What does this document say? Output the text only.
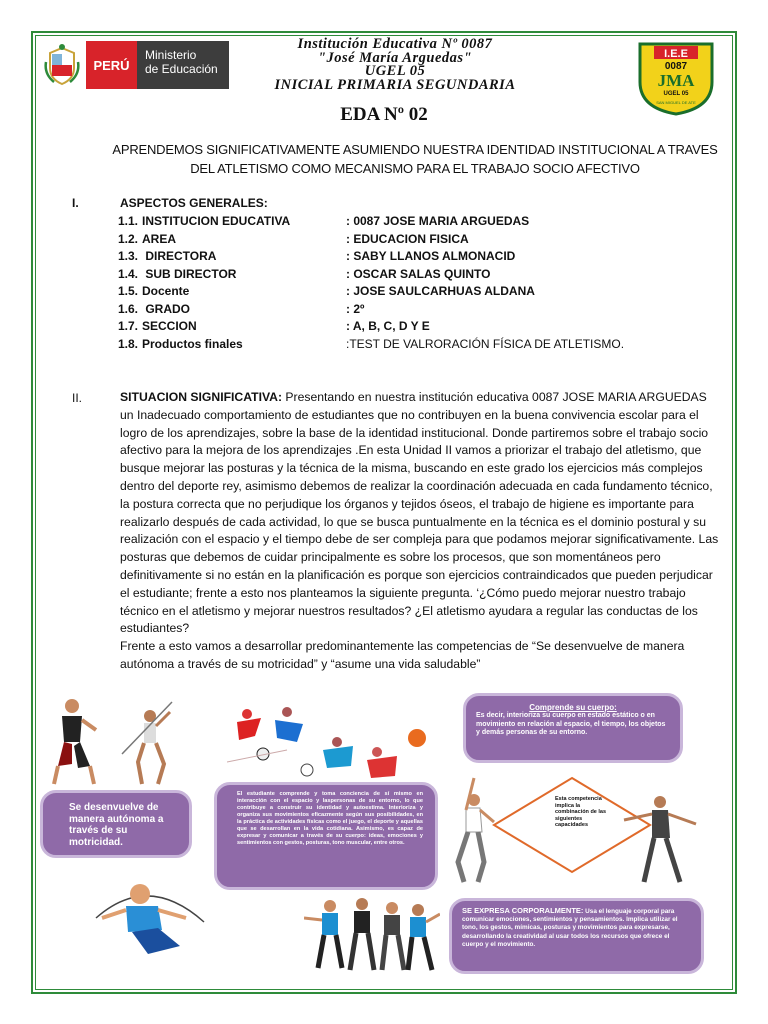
PERÚ
Ministerio
de Educación
Institución Educativa Nº 0087
"José María Arguedas"
UGEL 05
INICIAL PRIMARIA SEGUNDARIA
I.E.E
0087
JMA
UGEL 05
SAN MIGUEL DE ATE
EDA Nº 02
APRENDEMOS SIGNIFICATIVAMENTE ASUMIENDO NUESTRA IDENTIDAD INSTITUCIONAL A TRAVES DEL ATLETISMO COMO MECANISMO PARA EL TRABAJO SOCIO AFECTIVO
I.	ASPECTOS GENERALES:
1.1. INSTITUCION EDUCATIVA	: 0087 JOSE MARIA ARGUEDAS
1.2. AREA	: EDUCACION FISICA
1.3. DIRECTORA	: SABY LLANOS ALMONACID
1.4. SUB DIRECTOR	: OSCAR SALAS QUINTO
1.5. Docente	: JOSE SAULCARHUAS ALDANA
1.6. GRADO	: 2º
1.7. SECCION	: A, B, C, D Y E
1.8. Productos finales	:TEST DE VALRORACIÓN FÍSICA DE ATLETISMO.
II.	SITUACION SIGNIFICATIVA: Presentando en nuestra institución educativa 0087 JOSE MARIA ARGUEDAS un Inadecuado comportamiento de estudiantes que no contribuyen en la buena convivencia escolar para el logro de los aprendizajes, sobre la base de la identidad institucional. Donde partiremos sobre el trabajo socio afectivo para la mejora de los aprendizajes .En esta Unidad II vamos a priorizar el trabajo del atletismo, que busque mejorar las posturas y la técnica de la misma, buscando en este grado los ejercicios más complejos dentro del deporte rey, asimismo debemos de realizar la coordinación adecuada en cada fundamento técnico, la postura correcta que no perjudique los órganos y tejidos óseos, el trabajo de higiene es importante para realizarlo después de cada actividad, lo que se busca puntualmente en la técnica es el dominio postural y su realización con el espacio y el tiempo debe de ser compleja para que podamos mejorar significativamente. Las posturas que debemos de cuidar principalmente es sobre los procesos, que son momentáneos pero definitivamente si no están en la planificación es porque son ejercicios contraindicados que pueden perjudicar el estudiante; frente a esto nos planteamos la siguiente pregunta. ‘¿Cómo puedo mejorar nuestro trabajo técnico en el atletismo y mejorar nuestros resultados? ¿El atletismo ayudara a regular las conductas de los estudiantes?

Frente a esto vamos a desarrollar predominantemente las competencias de “Se desenvuelve de manera autónoma a través de su motricidad” y “asume una vida saludable”

Comprende su cuerpo:
Es decir, interioriza su cuerpo en estado estático o en movimiento en relación al espacio, el tiempo, los objetos y demás personas de su entorno.
Se desenvuelve de manera autónoma a través de su motricidad.
El estudiante comprende y toma conciencia de sí mismo en interacción con el espacio y laspersonas de su entorno, lo que contribuye a construir su identidad y autoestima. Interioriza y organiza sus movimientos eficazmente según sus posibilidades, en la práctica de actividades físicas como el juego, el deporte y aquellas que se desarrollan en la vida cotidiana. Asimismo, es capaz de expresar y comunicar a través de su cuerpo: ideas, emociones y sentimientos con gestos, posturas, tono muscular, entre otros.
Esta competencia implica la combinación de las siguientes capacidades
SE EXPRESA CORPORALMENTE: Usa el lenguaje corporal para comunicar emociones, sentimientos y pensamientos. Implica utilizar el tono, los gestos, mímicas, posturas y movimientos para expresarse, desarrollando la creatividad al usar todos los recursos que ofrece el cuerpo y el movimiento.
